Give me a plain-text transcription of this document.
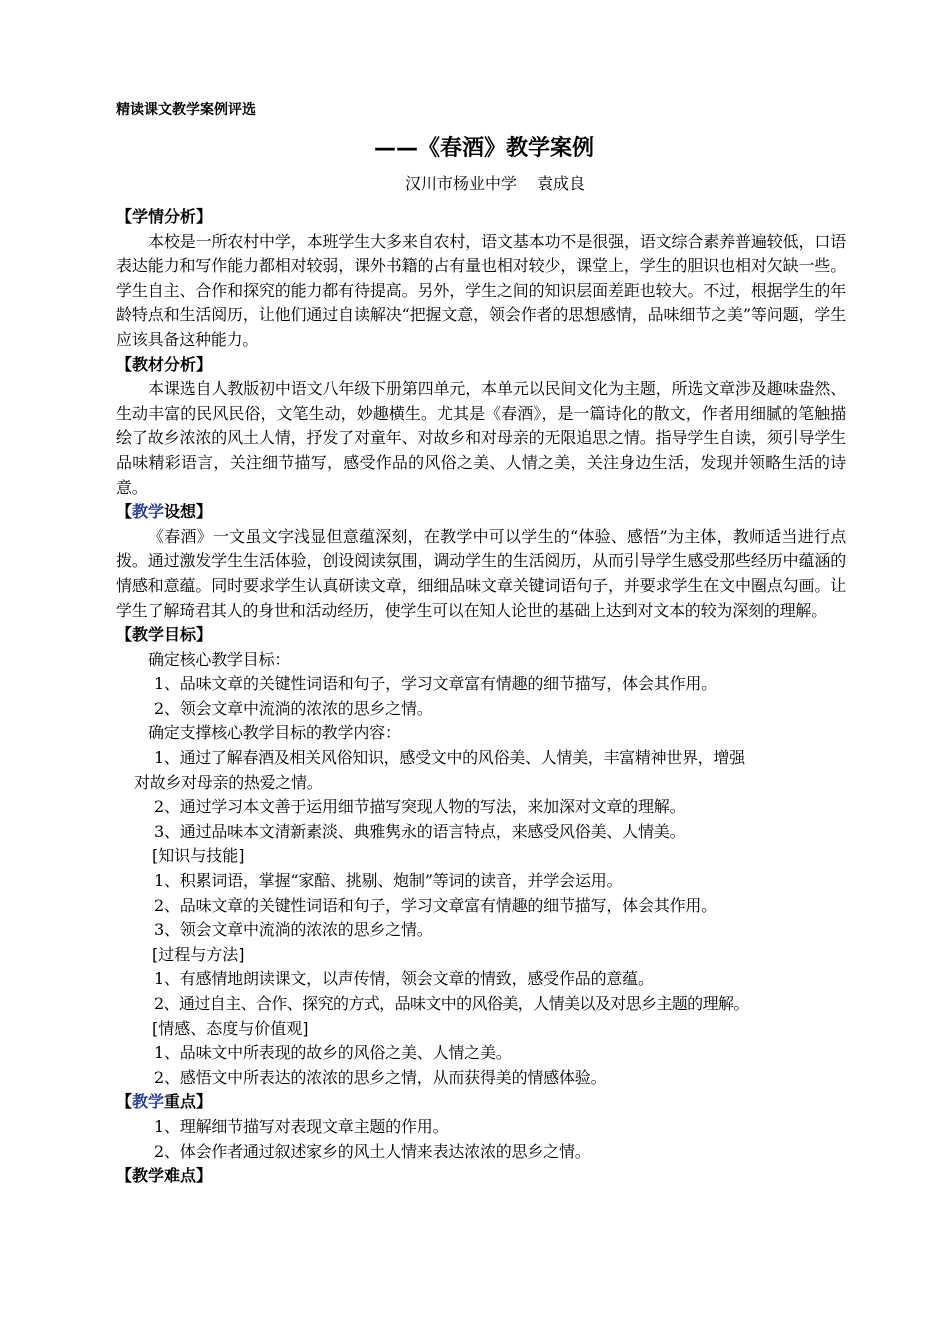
精读课文教学案例评选
——《春酒》教学案例
汉川市杨业中学 袁成良

【学情分析】

本校是一所农村中学，本班学生大多来自农村，语文基本功不是很强，语文综合素养普遍较低，口语表达能力和写作能力都相对较弱，课外书籍的占有量也相对较少，课堂上，学生的胆识也相对欠缺一些。学生自主、合作和探究的能力都有待提高。另外，学生之间的知识层面差距也较大。不过，根据学生的年龄特点和生活阅历，让他们通过自读解决“把握文意，领会作者的思想感情，品味细节之美”等问题，学生应该具备这种能力。

【教材分析】

本课选自人教版初中语文八年级下册第四单元，本单元以民间文化为主题，所选文章涉及趣味盎然、生动丰富的民风民俗，文笔生动，妙趣横生。尤其是《春酒》，是一篇诗化的散文，作者用细腻的笔触描绘了故乡浓浓的风土人情，抒发了对童年、对故乡和对母亲的无限追思之情。指导学生自读，须引导学生品味精彩语言，关注细节描写，感受作品的风俗之美、人情之美，关注身边生活，发现并领略生活的诗意。

【教学设想】

《春酒》一文虽文字浅显但意蕴深刻，在教学中可以学生的“体验、感悟”为主体，教师适当进行点拨。通过激发学生生活体验，创设阅读氛围，调动学生的生活阅历，从而引导学生感受那些经历中蕴涵的情感和意蕴。同时要求学生认真研读文章，细细品味文章关键词语句子，并要求学生在文中圈点勾画。让学生了解琦君其人的身世和活动经历，使学生可以在知人论世的基础上达到对文本的较为深刻的理解。

【教学目标】

确定核心教学目标：

1、品味文章的关键性词语和句子，学习文章富有情趣的细节描写，体会其作用。

2、领会文章中流淌的浓浓的思乡之情。

确定支撑核心教学目标的教学内容：

1、通过了解春酒及相关风俗知识，感受文中的风俗美、人情美，丰富精神世界，增强
对故乡对母亲的热爱之情。

2、通过学习本文善于运用细节描写突现人物的写法，来加深对文章的理解。

3、通过品味本文清新素淡、典雅隽永的语言特点，来感受风俗美、人情美。

[知识与技能]

1、积累词语，掌握“家醅、挑剔、炮制”等词的读音，并学会运用。

2、品味文章的关键性词语和句子，学习文章富有情趣的细节描写，体会其作用。

3、领会文章中流淌的浓浓的思乡之情。

[过程与方法]

1、有感情地朗读课文，以声传情，领会文章的情致，感受作品的意蕴。

2、通过自主、合作、探究的方式，品味文中的风俗美，人情美以及对思乡主题的理解。

[情感、态度与价值观]

1、品味文中所表现的故乡的风俗之美、人情之美。

2、感悟文中所表达的浓浓的思乡之情，从而获得美的情感体验。

【教学重点】

1、理解细节描写对表现文章主题的作用。

2、体会作者通过叙述家乡的风土人情来表达浓浓的思乡之情。

【教学难点】
